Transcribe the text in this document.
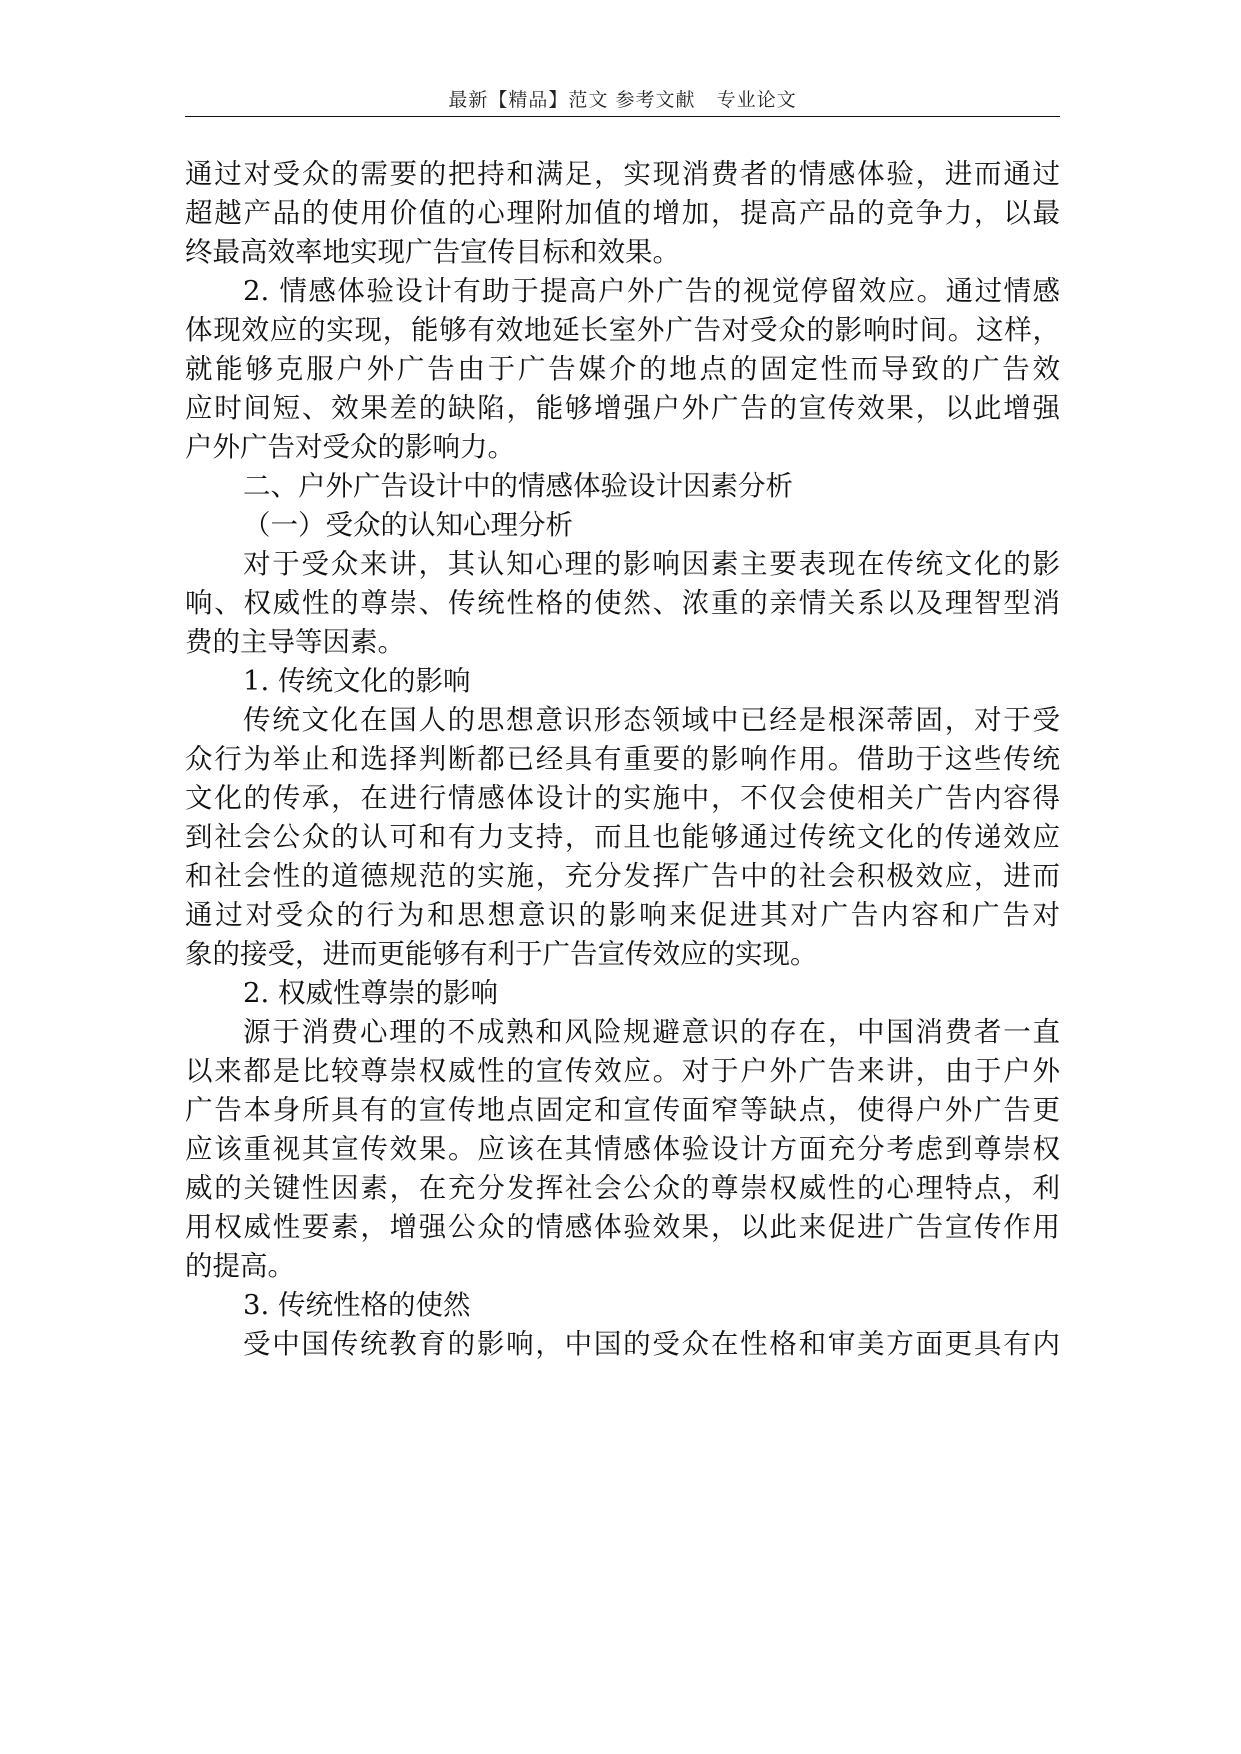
最新【精品】范文 参考文献   专业论文
通过对受众的需要的把持和满足，实现消费者的情感体验，进而通过
超越产品的使用价值的心理附加值的增加，提高产品的竞争力，以最
终最高效率地实现广告宣传目标和效果。
2. 情感体验设计有助于提高户外广告的视觉停留效应。通过情感
体现效应的实现，能够有效地延长室外广告对受众的影响时间。这样，
就能够克服户外广告由于广告媒介的地点的固定性而导致的广告效
应时间短、效果差的缺陷，能够增强户外广告的宣传效果，以此增强
户外广告对受众的影响力。
二、户外广告设计中的情感体验设计因素分析
（一）受众的认知心理分析
对于受众来讲，其认知心理的影响因素主要表现在传统文化的影
响、权威性的尊崇、传统性格的使然、浓重的亲情关系以及理智型消
费的主导等因素。
1. 传统文化的影响
传统文化在国人的思想意识形态领域中已经是根深蒂固，对于受
众行为举止和选择判断都已经具有重要的影响作用。借助于这些传统
文化的传承，在进行情感体设计的实施中，不仅会使相关广告内容得
到社会公众的认可和有力支持，而且也能够通过传统文化的传递效应
和社会性的道德规范的实施，充分发挥广告中的社会积极效应，进而
通过对受众的行为和思想意识的影响来促进其对广告内容和广告对
象的接受，进而更能够有利于广告宣传效应的实现。
2. 权威性尊崇的影响
源于消费心理的不成熟和风险规避意识的存在，中国消费者一直
以来都是比较尊崇权威性的宣传效应。对于户外广告来讲，由于户外
广告本身所具有的宣传地点固定和宣传面窄等缺点，使得户外广告更
应该重视其宣传效果。应该在其情感体验设计方面充分考虑到尊崇权
威的关键性因素，在充分发挥社会公众的尊崇权威性的心理特点，利
用权威性要素，增强公众的情感体验效果，以此来促进广告宣传作用
的提高。
3. 传统性格的使然
受中国传统教育的影响，中国的受众在性格和审美方面更具有内
